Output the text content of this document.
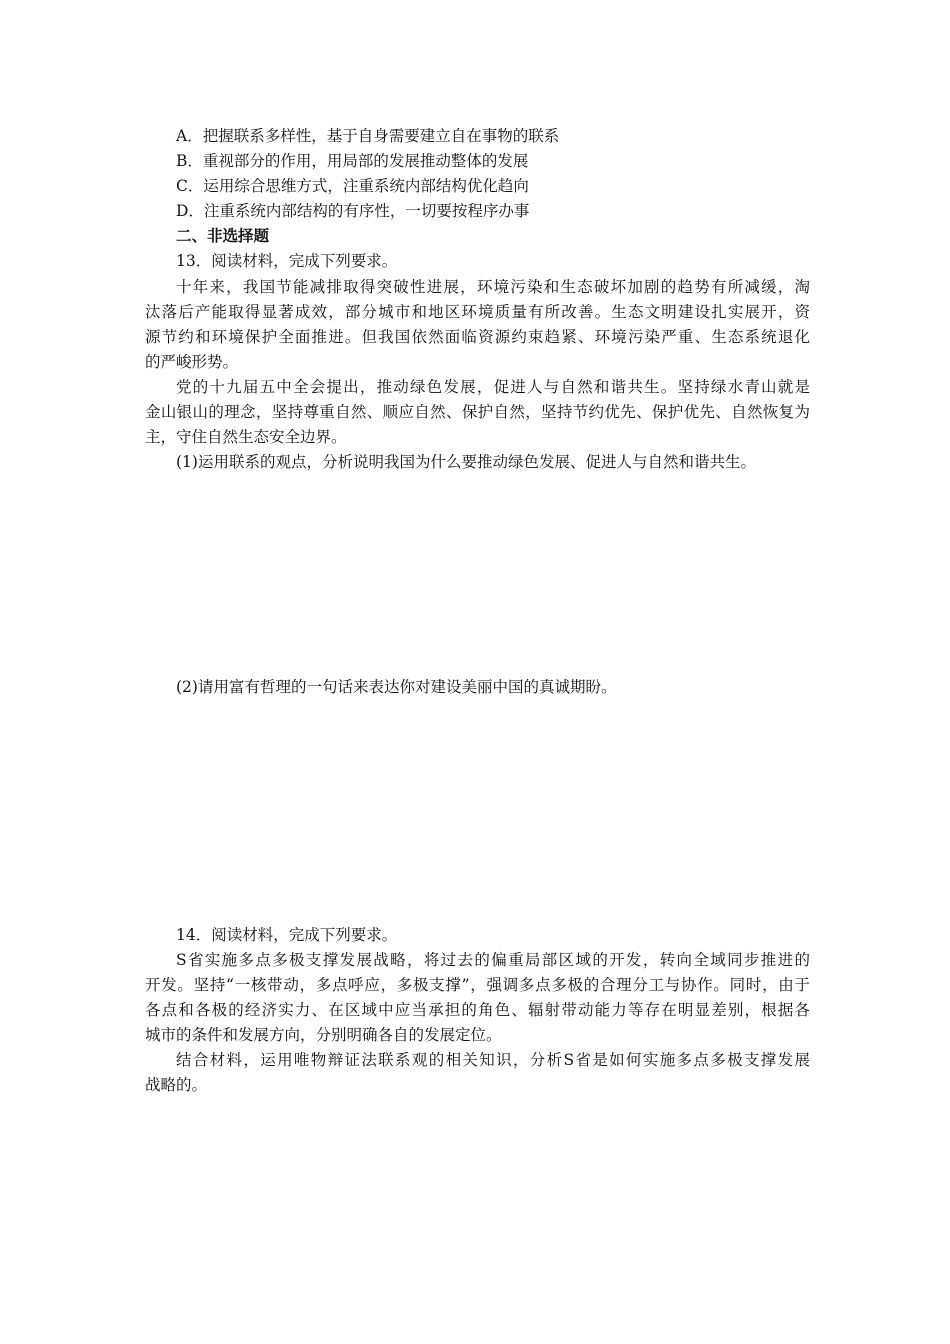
A．把握联系多样性，基于自身需要建立自在事物的联系
B．重视部分的作用，用局部的发展推动整体的发展
C．运用综合思维方式，注重系统内部结构优化趋向
D．注重系统内部结构的有序性，一切要按程序办事
二、非选择题
13．阅读材料，完成下列要求。
十年来，我国节能减排取得突破性进展，环境污染和生态破坏加剧的趋势有所减缓，淘
汰落后产能取得显著成效，部分城市和地区环境质量有所改善。生态文明建设扎实展开，资
源节约和环境保护全面推进。但我国依然面临资源约束趋紧、环境污染严重、生态系统退化
的严峻形势。
党的十九届五中全会提出，推动绿色发展，促进人与自然和谐共生。坚持绿水青山就是
金山银山的理念，坚持尊重自然、顺应自然、保护自然，坚持节约优先、保护优先、自然恢复为
主，守住自然生态安全边界。
(1)运用联系的观点，分析说明我国为什么要推动绿色发展、促进人与自然和谐共生。
(2)请用富有哲理的一句话来表达你对建设美丽中国的真诚期盼。
14．阅读材料，完成下列要求。
S省实施多点多极支撑发展战略，将过去的偏重局部区域的开发，转向全域同步推进的
开发。坚持“一核带动，多点呼应，多极支撑”，强调多点多极的合理分工与协作。同时，由于
各点和各极的经济实力、在区域中应当承担的角色、辐射带动能力等存在明显差别，根据各
城市的条件和发展方向，分别明确各自的发展定位。
结合材料，运用唯物辩证法联系观的相关知识，分析S省是如何实施多点多极支撑发展
战略的。
